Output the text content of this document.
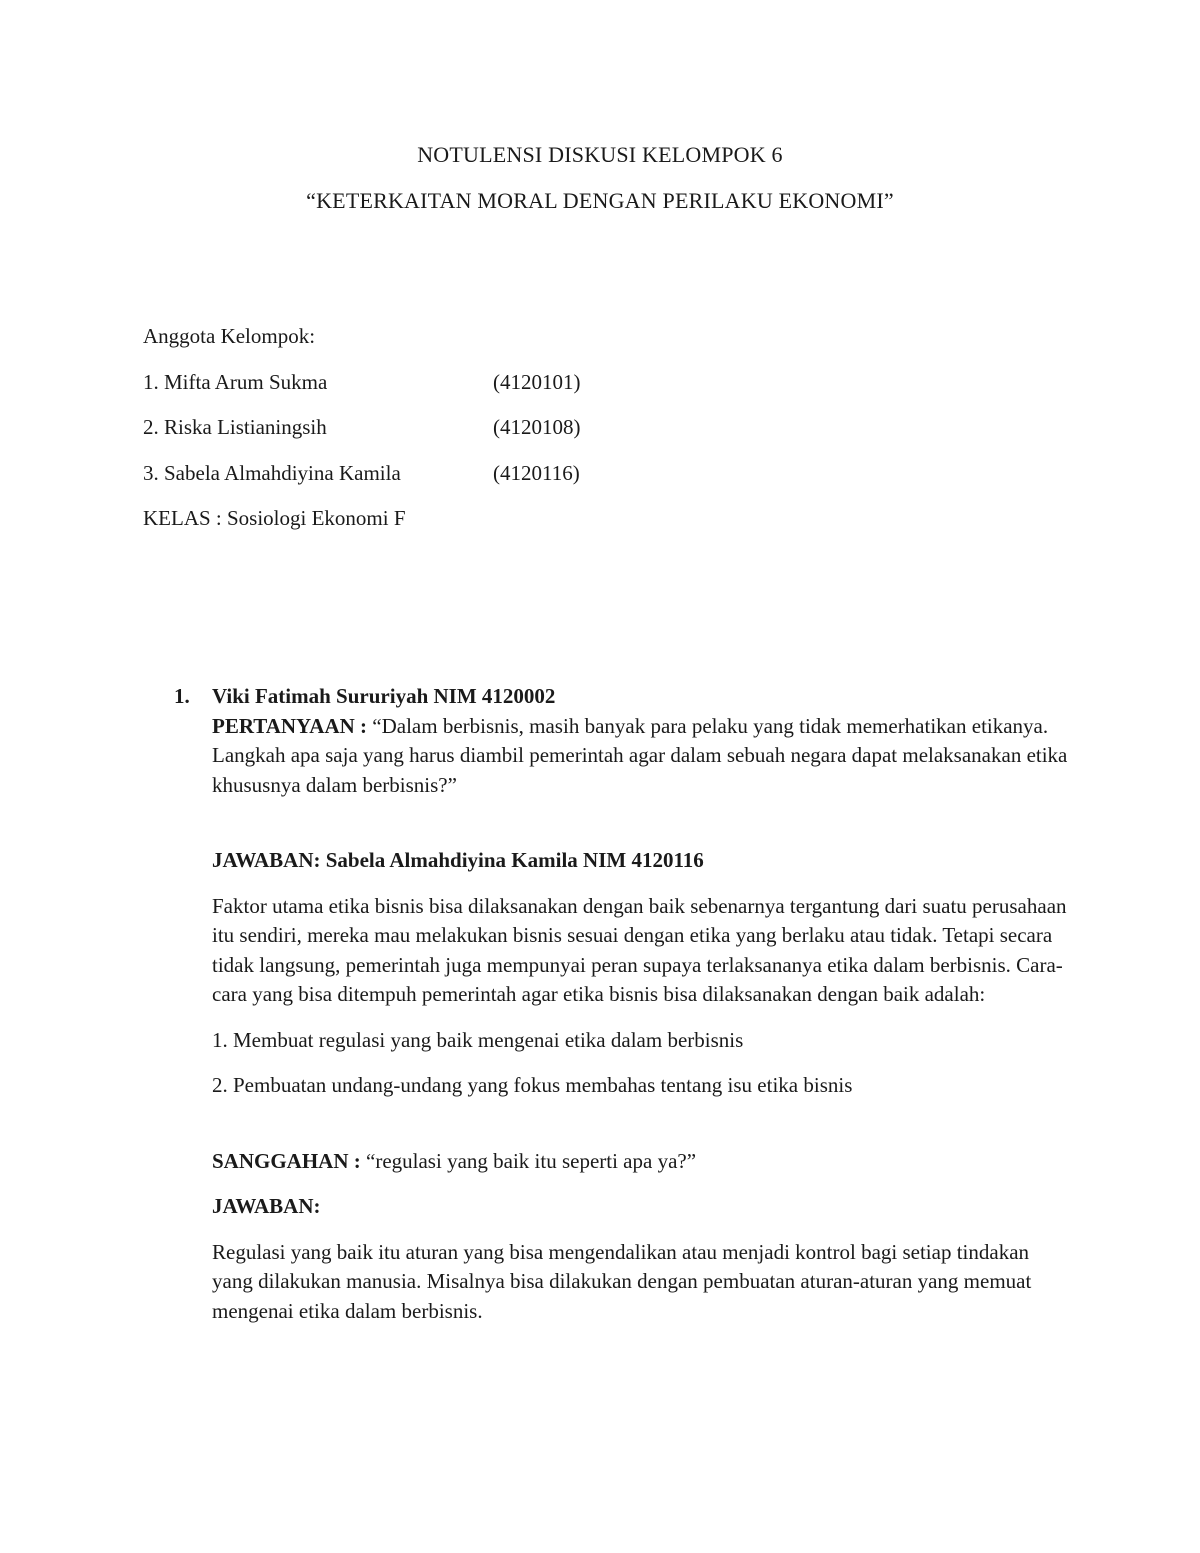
NOTULENSI DISKUSI KELOMPOK 6
“KETERKAITAN MORAL DENGAN PERILAKU EKONOMI”
Anggota Kelompok:
1. Mifta Arum Sukma	(4120101)
2. Riska Listianingsih	(4120108)
3. Sabela Almahdiyina Kamila	(4120116)
KELAS : Sosiologi Ekonomi F
1. Viki Fatimah Sururiyah NIM 4120002

PERTANYAAN : “Dalam berbisnis, masih banyak para pelaku yang tidak memerhatikan etikanya. Langkah apa saja yang harus diambil pemerintah agar dalam sebuah negara dapat melaksanakan etika khususnya dalam berbisnis?”

JAWABAN: Sabela Almahdiyina Kamila NIM 4120116

Faktor utama etika bisnis bisa dilaksanakan dengan baik sebenarnya tergantung dari suatu perusahaan itu sendiri, mereka mau melakukan bisnis sesuai dengan etika yang berlaku atau tidak. Tetapi secara tidak langsung, pemerintah juga mempunyai peran supaya terlaksananya etika dalam berbisnis. Cara-cara yang bisa ditempuh pemerintah agar etika bisnis bisa dilaksanakan dengan baik adalah:

1. Membuat regulasi yang baik mengenai etika dalam berbisnis

2. Pembuatan undang-undang yang fokus membahas tentang isu etika bisnis

SANGGAHAN : “regulasi yang baik itu seperti apa ya?”

JAWABAN:

Regulasi yang baik itu aturan yang bisa mengendalikan atau menjadi kontrol bagi setiap tindakan yang dilakukan manusia. Misalnya bisa dilakukan dengan pembuatan aturan-aturan yang memuat mengenai etika dalam berbisnis.
